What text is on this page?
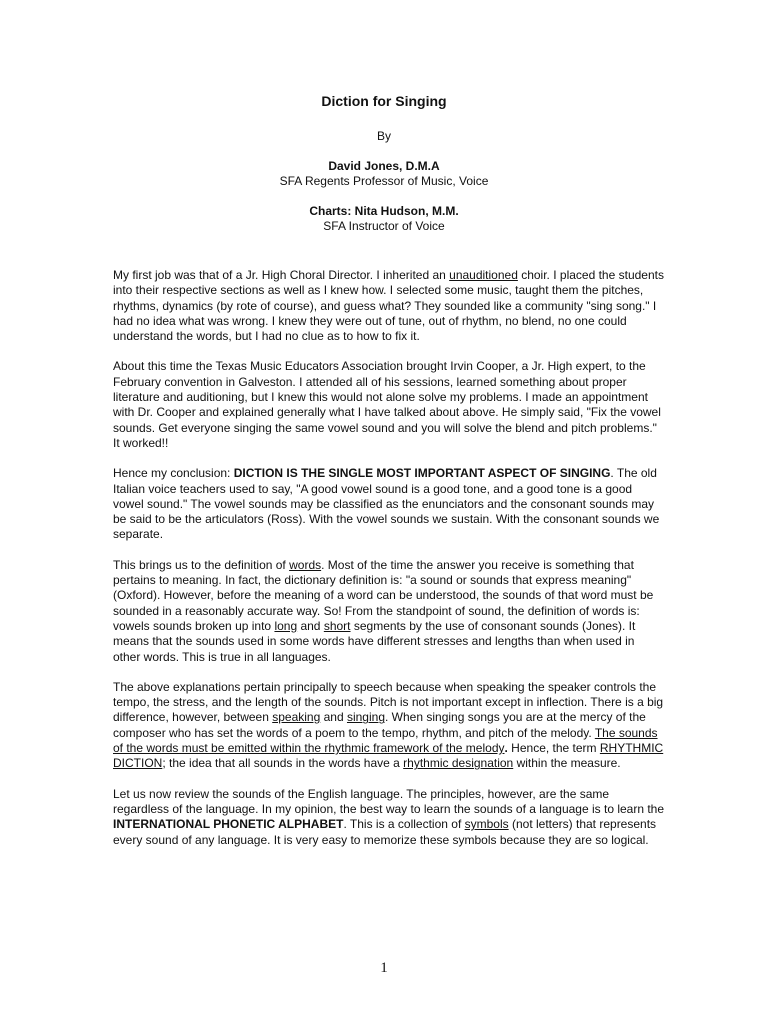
Diction for Singing
By
David Jones, D.M.A
SFA Regents Professor of Music, Voice
Charts: Nita Hudson, M.M.
SFA Instructor of Voice

My first job was that of a Jr. High Choral Director. I inherited an unauditioned choir. I placed the students into their respective sections as well as I knew how. I selected some music, taught them the pitches, rhythms, dynamics (by rote of course), and guess what? They sounded like a community "sing song." I had no idea what was wrong. I knew they were out of tune, out of rhythm, no blend, no one could understand the words, but I had no clue as to how to fix it.

About this time the Texas Music Educators Association brought Irvin Cooper, a Jr. High expert, to the February convention in Galveston. I attended all of his sessions, learned something about proper literature and auditioning, but I knew this would not alone solve my problems. I made an appointment with Dr. Cooper and explained generally what I have talked about above. He simply said, "Fix the vowel sounds. Get everyone singing the same vowel sound and you will solve the blend and pitch problems." It worked!!

Hence my conclusion: DICTION IS THE SINGLE MOST IMPORTANT ASPECT OF SINGING. The old Italian voice teachers used to say, "A good vowel sound is a good tone, and a good tone is a good vowel sound." The vowel sounds may be classified as the enunciators and the consonant sounds may be said to be the articulators (Ross). With the vowel sounds we sustain. With the consonant sounds we separate.

This brings us to the definition of words. Most of the time the answer you receive is something that pertains to meaning. In fact, the dictionary definition is: "a sound or sounds that express meaning" (Oxford). However, before the meaning of a word can be understood, the sounds of that word must be sounded in a reasonably accurate way. So! From the standpoint of sound, the definition of words is: vowels sounds broken up into long and short segments by the use of consonant sounds (Jones). It means that the sounds used in some words have different stresses and lengths than when used in other words. This is true in all languages.

The above explanations pertain principally to speech because when speaking the speaker controls the tempo, the stress, and the length of the sounds. Pitch is not important except in inflection. There is a big difference, however, between speaking and singing. When singing songs you are at the mercy of the composer who has set the words of a poem to the tempo, rhythm, and pitch of the melody. The sounds of the words must be emitted within the rhythmic framework of the melody. Hence, the term RHYTHMIC DICTION; the idea that all sounds in the words have a rhythmic designation within the measure.

Let us now review the sounds of the English language. The principles, however, are the same regardless of the language. In my opinion, the best way to learn the sounds of a language is to learn the INTERNATIONAL PHONETIC ALPHABET. This is a collection of symbols (not letters) that represents every sound of any language. It is very easy to memorize these symbols because they are so logical.

1
